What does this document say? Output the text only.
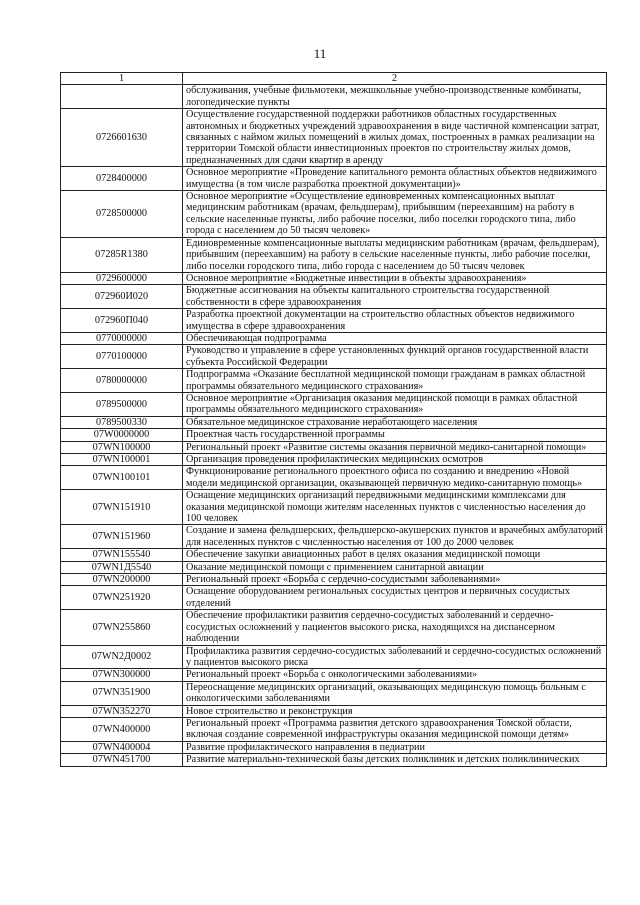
11
1	2
	обслуживания, учебные фильмотеки, межшкольные учебно-производственные комбинаты, логопедические пункты
0726601630	Осуществление государственной поддержки работников областных государственных автономных и бюджетных учреждений здравоохранения в виде частичной компенсации затрат, связанных с наймом жилых помещений в жилых домах, построенных в рамках реализации на территории Томской области инвестиционных проектов по строительству жилых домов, предназначенных для сдачи квартир в аренду
0728400000	Основное мероприятие «Проведение капитального ремонта областных объектов недвижимого имущества (в том числе разработка проектной документации)»
0728500000	Основное мероприятие «Осуществление единовременных компенсационных выплат медицинским работникам (врачам, фельдшерам), прибывшим (переехавшим) на работу в сельские населенные пункты, либо рабочие поселки, либо поселки городского типа, либо города с населением до 50 тысяч человек»
07285R1380	Единовременные компенсационные выплаты медицинским работникам (врачам, фельдшерам), прибывшим (переехавшим) на работу в сельские населенные пункты, либо рабочие поселки, либо поселки городского типа, либо города с населением до 50 тысяч человек
0729600000	Основное мероприятие «Бюджетные инвестиции в объекты здравоохранения»
072960И020	Бюджетные ассигнования на объекты капитального строительства государственной собственности в сфере здравоохранения
072960П040	Разработка проектной документации на строительство областных объектов недвижимого имущества в сфере здравоохранения
0770000000	Обеспечивающая подпрограмма
0770100000	Руководство и управление в сфере установленных функций органов государственной власти субъекта Российской Федерации
0780000000	Подпрограмма «Оказание бесплатной медицинской помощи гражданам в рамках областной программы обязательного медицинского страхования»
0789500000	Основное мероприятие «Организация оказания медицинской помощи в рамках областной программы обязательного медицинского страхования»
0789500330	Обязательное медицинское страхование неработающего населения
07W0000000	Проектная часть государственной программы
07WN100000	Региональный проект «Развитие системы оказания первичной медико-санитарной помощи»
07WN100001	Организация проведения профилактических медицинских осмотров
07WN100101	Функционирование регионального проектного офиса по созданию и внедрению «Новой модели медицинской организации, оказывающей первичную медико-санитарную помощь»
07WN151910	Оснащение медицинских организаций передвижными медицинскими комплексами для оказания медицинской помощи жителям населенных пунктов с численностью населения до 100 человек
07WN151960	Создание и замена фельдшерских, фельдшерско-акушерских пунктов и врачебных амбулаторий для населенных пунктов с численностью населения от 100 до 2000 человек
07WN155540	Обеспечение закупки авиационных работ в целях оказания медицинской помощи
07WN1Д5540	Оказание медицинской помощи с применением санитарной авиации
07WN200000	Региональный проект «Борьба с сердечно-сосудистыми заболеваниями»
07WN251920	Оснащение оборудованием региональных сосудистых центров и первичных сосудистых отделений
07WN255860	Обеспечение профилактики развития сердечно-сосудистых заболеваний и сердечно-сосудистых осложнений у пациентов высокого риска, находящихся на диспансерном наблюдении
07WN2Д0002	Профилактика развития сердечно-сосудистых заболеваний и сердечно-сосудистых осложнений у пациентов высокого риска
07WN300000	Региональный проект «Борьба с онкологическими заболеваниями»
07WN351900	Переоснащение медицинских организаций, оказывающих медицинскую помощь больным с онкологическими заболеваниями
07WN352270	Новое строительство и реконструкция
07WN400000	Региональный проект «Программа развития детского здравоохранения Томской области, включая создание современной инфраструктуры оказания медицинской помощи детям»
07WN400004	Развитие профилактического направления в педиатрии
07WN451700	Развитие материально-технической базы детских поликлиник и детских поликлинических
